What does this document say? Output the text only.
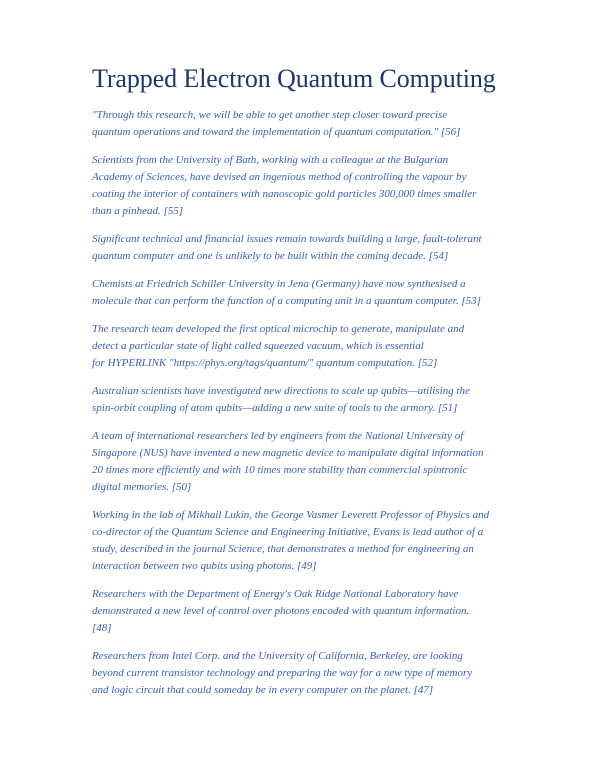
Trapped Electron Quantum Computing

"Through this research, we will be able to get another step closer toward precise
quantum operations and toward the implementation of quantum computation." [56]

Scientists from the University of Bath, working with a colleague at the Bulgarian
Academy of Sciences, have devised an ingenious method of controlling the vapour by
coating the interior of containers with nanoscopic gold particles 300,000 times smaller
than a pinhead. [55]

Significant technical and financial issues remain towards building a large, fault-tolerant
quantum computer and one is unlikely to be built within the coming decade. [54]

Chemists at Friedrich Schiller University in Jena (Germany) have now synthesised a
molecule that can perform the function of a computing unit in a quantum computer. [53]

The research team developed the first optical microchip to generate, manipulate and
detect a particular state of light called squeezed vacuum, which is essential
for HYPERLINK "https://phys.org/tags/quantum/" quantum computation. [52]

Australian scientists have investigated new directions to scale up qubits—utilising the
spin-orbit coupling of atom qubits—adding a new suite of tools to the armory. [51]

A team of international researchers led by engineers from the National University of
Singapore (NUS) have invented a new magnetic device to manipulate digital information
20 times more efficiently and with 10 times more stability than commercial spintronic
digital memories. [50]

Working in the lab of Mikhail Lukin, the George Vasmer Leverett Professor of Physics and
co-director of the Quantum Science and Engineering Initiative, Evans is lead author of a
study, described in the journal Science, that demonstrates a method for engineering an
interaction between two qubits using photons. [49]

Researchers with the Department of Energy's Oak Ridge National Laboratory have
demonstrated a new level of control over photons encoded with quantum information.
[48]

Researchers from Intel Corp. and the University of California, Berkeley, are looking
beyond current transistor technology and preparing the way for a new type of memory
and logic circuit that could someday be in every computer on the planet. [47]
